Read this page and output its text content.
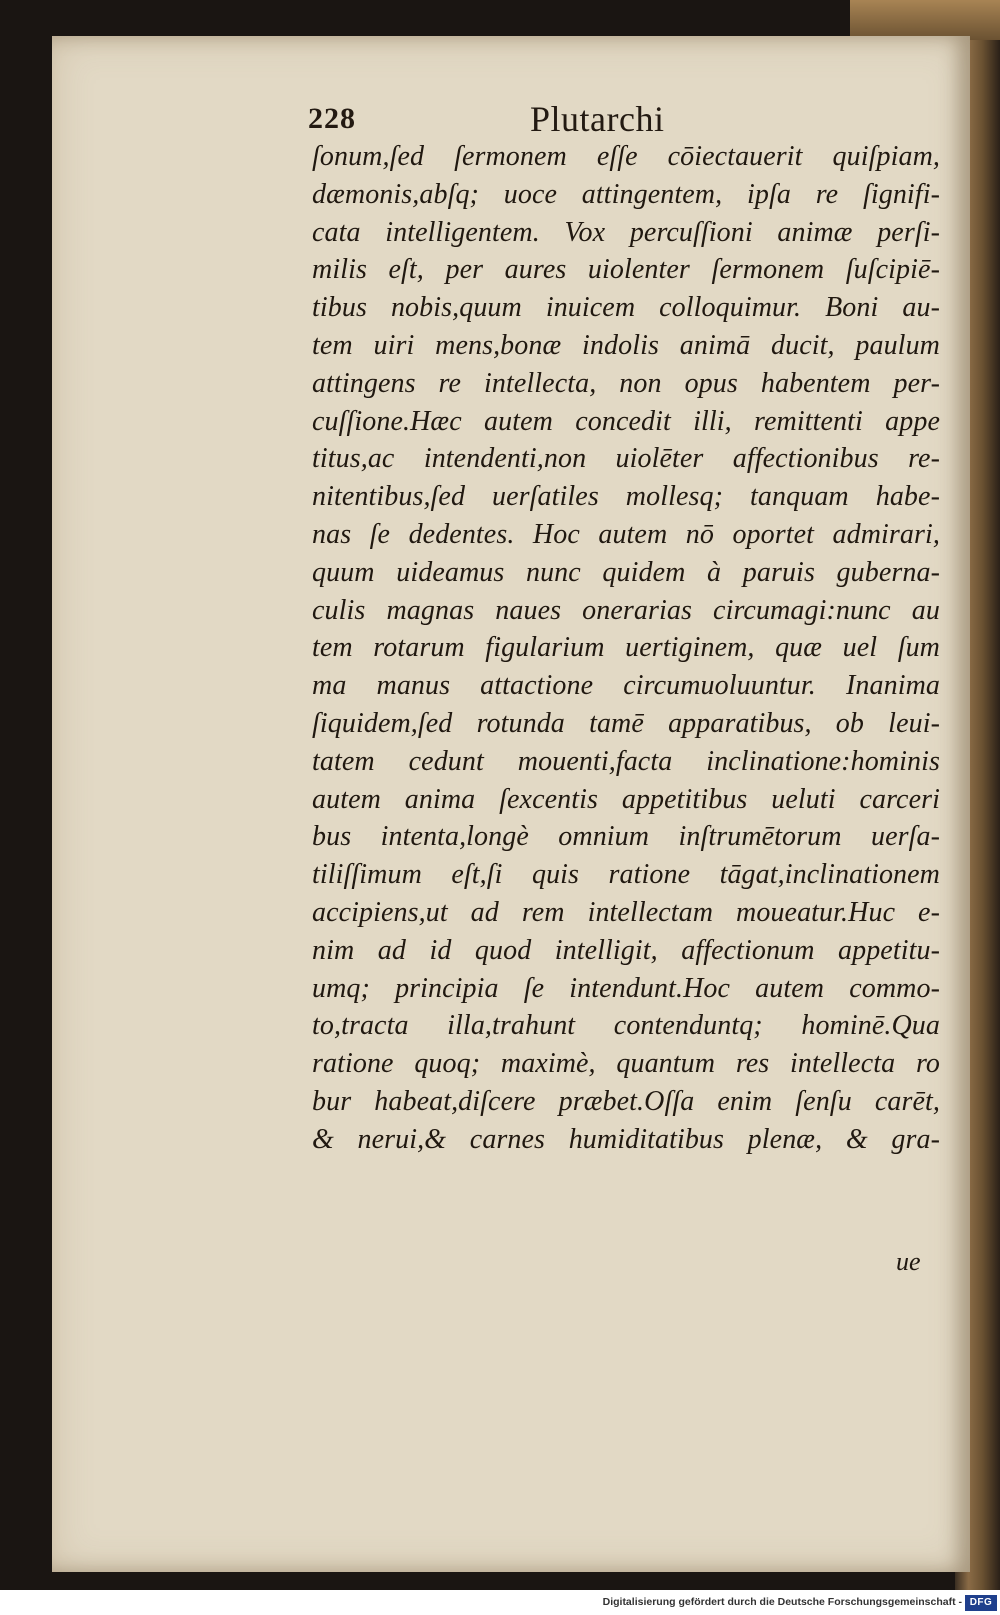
228	Plutarchi
ſonum,ſed ſermonem eſſe cōiectauerit quiſpiam,
dæmonis,abſq; uoce attingentem, ipſa re ſignifi-
cata intelligentem. Vox percuſſioni animæ perſi-
milis eſt, per aures uiolenter ſermonem ſuſcipiē-
tibus nobis,quum inuicem colloquimur. Boni au-
tem uiri mens,bonæ indolis animā ducit, paulum
attingens re intellecta, non opus habentem per-
cuſſione.Hæc autem concedit illi, remittenti appe
titus,ac intendenti,non uiolēter affectionibus re-
nitentibus,ſed uerſatiles mollesq; tanquam habe-
nas ſe dedentes. Hoc autem nō oportet admirari,
quum uideamus nunc quidem à paruis guberna-
culis magnas naues onerarias circumagi:nunc au
tem rotarum figularium uertiginem, quæ uel ſum
ma manus attactione circumuoluuntur. Inanima
ſiquidem,ſed rotunda tamē apparatibus, ob leui-
tatem cedunt mouenti,facta inclinatione:hominis
autem anima ſexcentis appetitibus ueluti carceri
bus intenta,longè omnium inſtrumētorum uerſa-
tiliſſimum eſt,ſi quis ratione tāgat,inclinationem
accipiens,ut ad rem intellectam moueatur.Huc e-
nim ad id quod intelligit, affectionum appetitu-
umq; principia ſe intendunt.Hoc autem commo-
to,tracta illa,trahunt contenduntq; hominē.Qua
ratione quoq; maximè, quantum res intellecta ro
bur habeat,diſcere præbet.Oſſa enim ſenſu carēt,
& nerui,& carnes humiditatibus plenæ, & gra-
ue
Digitalisierung gefördert durch die Deutsche Forschungsgemeinschaft - DFG
